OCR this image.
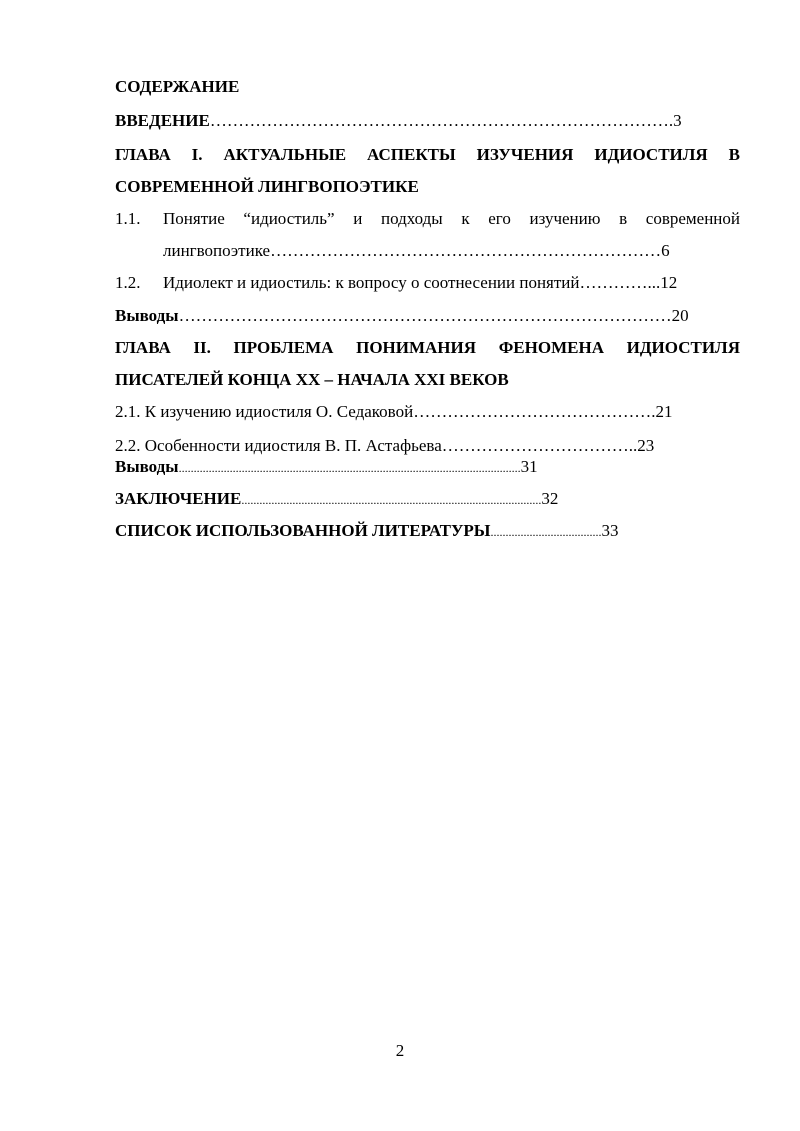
СОДЕРЖАНИЕ
ВВЕДЕНИЕ……………………………………………………………………….3
ГЛАВА I. АКТУАЛЬНЫЕ АСПЕКТЫ ИЗУЧЕНИЯ ИДИОСТИЛЯ В
СОВРЕМЕННОЙ ЛИНГВОПОЭТИКЕ
1.1. Понятие “идиостиль” и подходы к его изучению в современной
лингвопоэтике……………………………………………………………6
1.2. Идиолект и идиостиль: к вопросу о соотнесении понятий…………...12
Выводы……………………………………………………………………………20
ГЛАВА II. ПРОБЛЕМА ПОНИМАНИЯ ФЕНОМЕНА ИДИОСТИЛЯ
ПИСАТЕЛЕЙ КОНЦА XX – НАЧАЛА XXI ВЕКОВ
2.1. К изучению идиостиля О. Седаковой…………………………………….21
2.2. Особенности идиостиля В. П. Астафьева……………………………..23
Выводы..................................................................................................................31
ЗАКЛЮЧЕНИЕ....................................................................................................32
СПИСОК ИСПОЛЬЗОВАННОЙ ЛИТЕРАТУРЫ.....................................33
2
